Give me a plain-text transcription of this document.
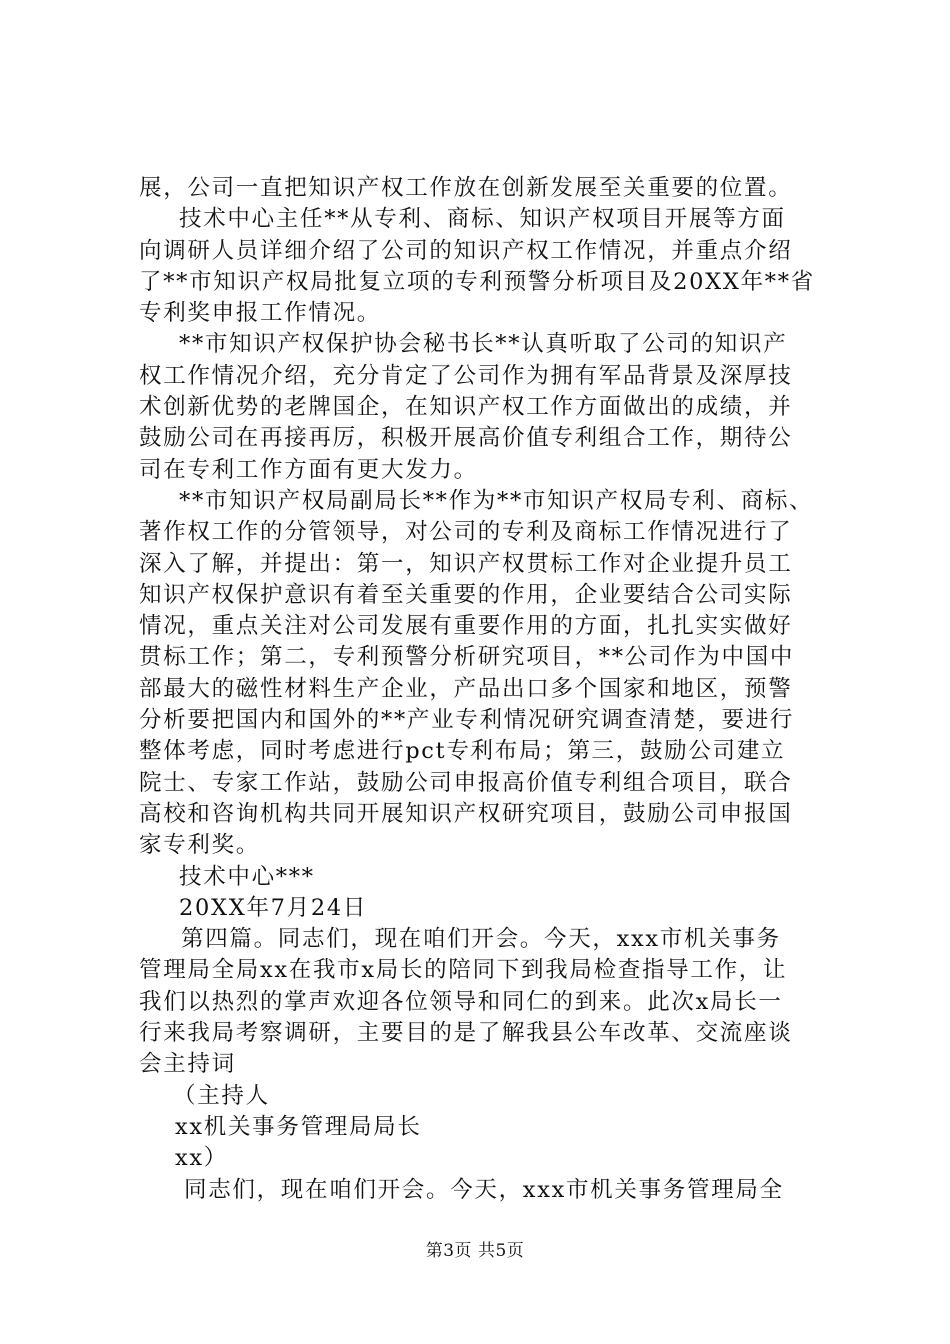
展，公司一直把知识产权工作放在创新发展至关重要的位置。
技术中心主任**从专利、商标、知识产权项目开展等方面
向调研人员详细介绍了公司的知识产权工作情况，并重点介绍
了**市知识产权局批复立项的专利预警分析项目及20XX年**省
专利奖申报工作情况。
**市知识产权保护协会秘书长**认真听取了公司的知识产
权工作情况介绍，充分肯定了公司作为拥有军品背景及深厚技
术创新优势的老牌国企，在知识产权工作方面做出的成绩，并
鼓励公司在再接再厉，积极开展高价值专利组合工作，期待公
司在专利工作方面有更大发力。
**市知识产权局副局长**作为**市知识产权局专利、商标、
著作权工作的分管领导，对公司的专利及商标工作情况进行了
深入了解，并提出：第一，知识产权贯标工作对企业提升员工
知识产权保护意识有着至关重要的作用，企业要结合公司实际
情况，重点关注对公司发展有重要作用的方面，扎扎实实做好
贯标工作；第二，专利预警分析研究项目，**公司作为中国中
部最大的磁性材料生产企业，产品出口多个国家和地区，预警
分析要把国内和国外的**产业专利情况研究调查清楚，要进行
整体考虑，同时考虑进行pct专利布局；第三，鼓励公司建立
院士、专家工作站，鼓励公司申报高价值专利组合项目，联合
高校和咨询机构共同开展知识产权研究项目，鼓励公司申报国
家专利奖。
技术中心***
20XX年7月24日
第四篇。同志们，现在咱们开会。今天，xxx市机关事务
管理局全局xx在我市x局长的陪同下到我局检查指导工作，让
我们以热烈的掌声欢迎各位领导和同仁的到来。此次x局长一
行来我局考察调研，主要目的是了解我县公车改革、交流座谈
会主持词
（主持人
xx机关事务管理局局长
xx）
同志们，现在咱们开会。今天，xxx市机关事务管理局全
第3页 共5页
